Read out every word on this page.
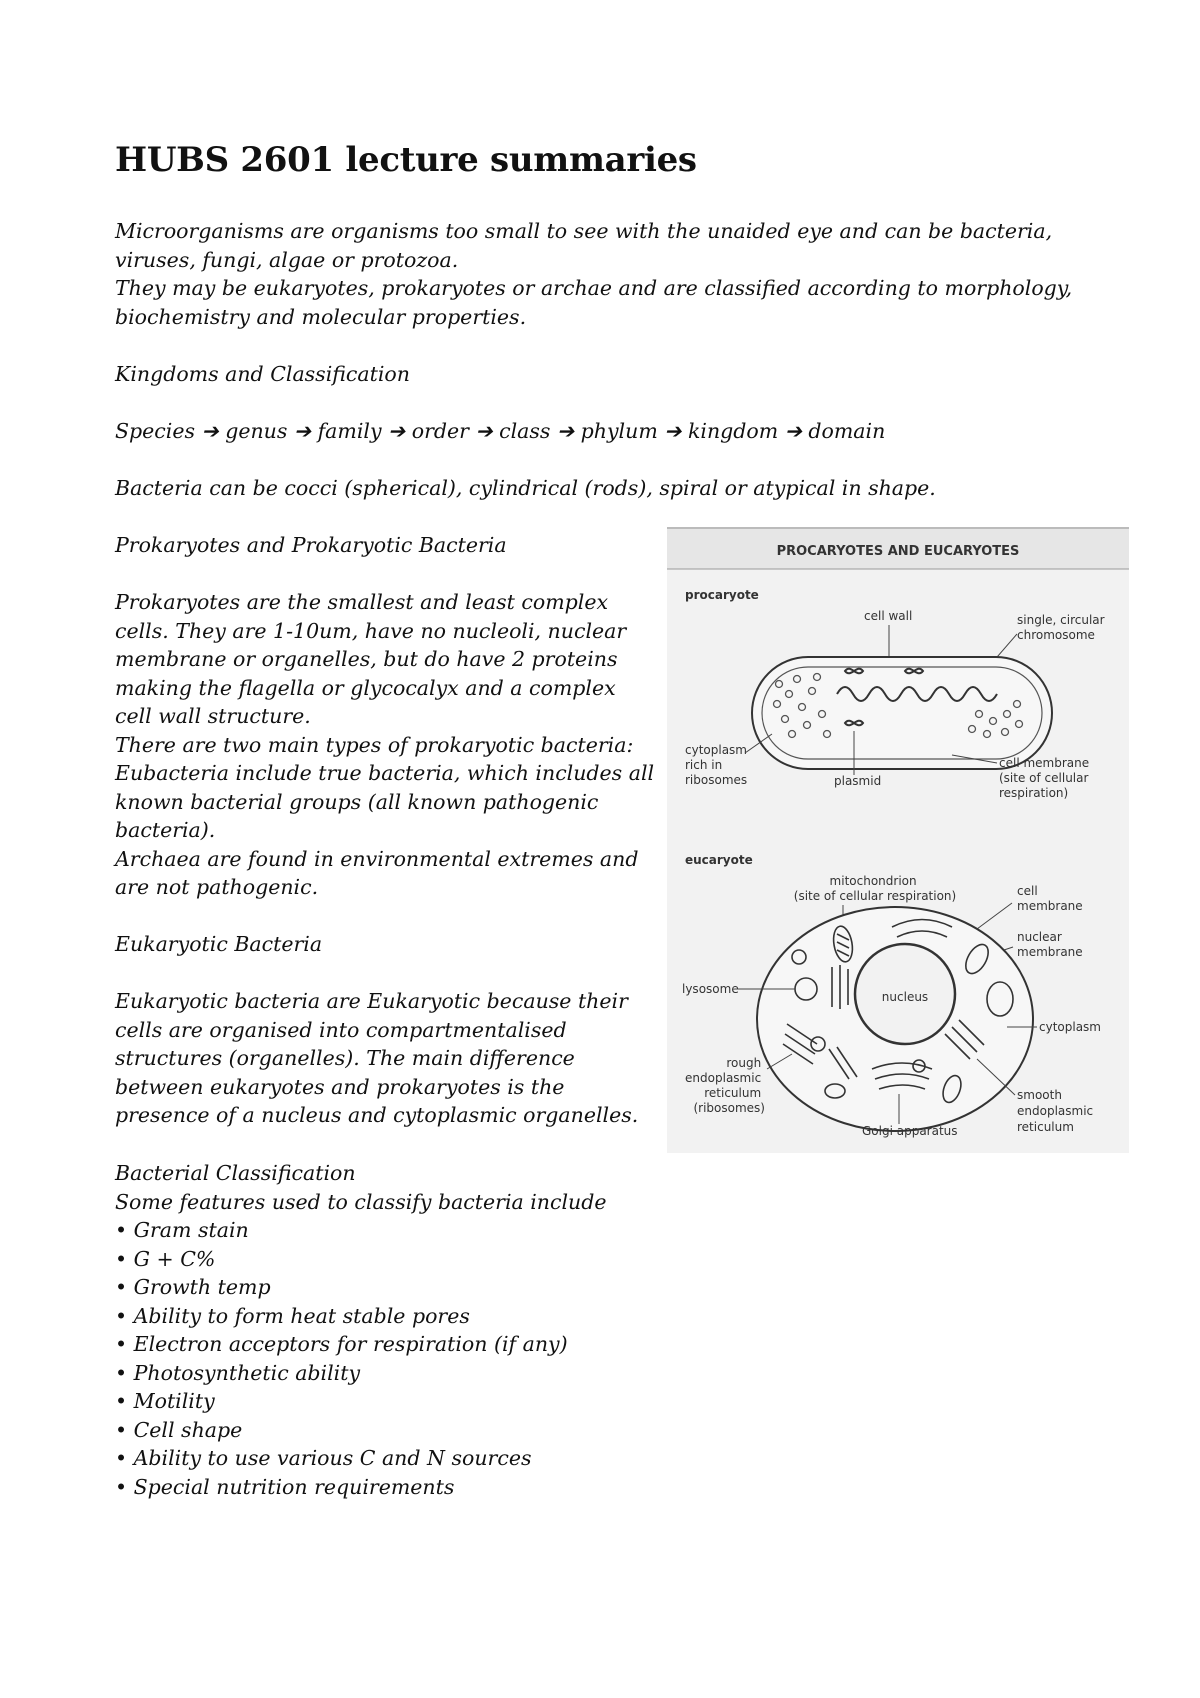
HUBS 2601 lecture summaries
Microorganisms are organisms too small to see with the unaided eye and can be bacteria, viruses, fungi, algae or protozoa.
They may be eukaryotes, prokaryotes or archae and are classified according to morphology, biochemistry and molecular properties.
Kingdoms and Classification
Species ➔ genus ➔ family ➔ order ➔ class ➔ phylum ➔ kingdom ➔ domain
Bacteria can be cocci (spherical), cylindrical (rods), spiral or atypical in shape.
Prokaryotes and Prokaryotic Bacteria
Prokaryotes are the smallest and least complex cells. They are 1-10um, have no nucleoli, nuclear membrane or organelles, but do have 2 proteins making the flagella or glycocalyx and a complex cell wall structure.
There are two main types of prokaryotic bacteria: Eubacteria include true bacteria, which includes all known bacterial groups (all known pathogenic bacteria).
Archaea are found in environmental extremes and are not pathogenic.
Eukaryotic Bacteria
Eukaryotic bacteria are Eukaryotic because their cells are organised into compartmentalised structures (organelles). The main difference between eukaryotes and prokaryotes is the presence of a nucleus and cytoplasmic organelles.
Bacterial Classification
Some features used to classify bacteria include
• Gram stain
• G + C%
• Growth temp
• Ability to form heat stable pores
• Electron acceptors for respiration (if any)
• Photosynthetic ability
• Motility
• Cell shape
• Ability to use various C and N sources
• Special nutrition requirements
PROCARYOTES AND EUCARYOTES
procaryote
cell wall	single, circular chromosome
cytoplasm rich in ribosomes	plasmid
cell membrane (site of cellular respiration)
eucaryote
mitochondrion (site of cellular respiration)	cell membrane
nuclear membrane
nucleus
lysosome
cytoplasm
rough endoplasmic reticulum (ribosomes)
Golgi apparatus
smooth endoplasmic reticulum
